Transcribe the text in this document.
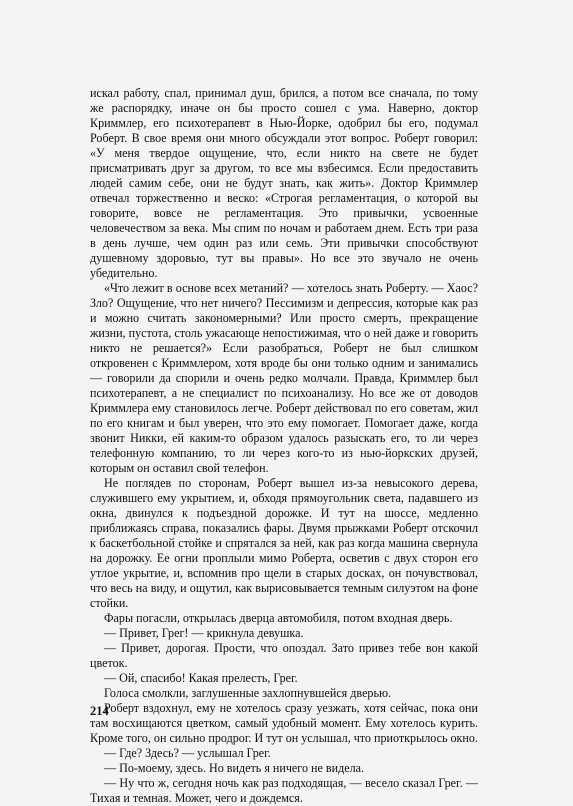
искал работу, спал, принимал душ, брился, а потом все сначала, по тому же распорядку, иначе он бы просто сошел с ума. Наверно, доктор Криммлер, его психотерапевт в Нью-Йорке, одобрил бы его, подумал Роберт. В свое время они много обсуждали этот вопрос. Роберт говорил: «У меня твердое ощущение, что, если никто на свете не будет присматривать друг за другом, то все мы взбесимся. Если предоставить людей самим себе, они не будут знать, как жить». Доктор Криммлер отвечал торжественно и веско: «Строгая регламентация, о которой вы говорите, вовсе не регламентация. Это привычки, усвоенные человечеством за века. Мы спим по ночам и работаем днем. Есть три раза в день лучше, чем один раз или семь. Эти привычки способствуют душевному здоровью, тут вы правы». Но все это звучало не очень убедительно.

«Что лежит в основе всех метаний? — хотелось знать Роберту. — Хаос? Зло? Ощущение, что нет ничего? Пессимизм и депрессия, которые как раз и можно считать закономерными? Или просто смерть, прекращение жизни, пустота, столь ужасающе непостижимая, что о ней даже и говорить никто не решается?» Если разобраться, Роберт не был слишком откровенен с Криммлером, хотя вроде бы они только одним и занимались — говорили да спорили и очень редко молчали. Правда, Криммлер был психотерапевт, а не специалист по психоанализу. Но все же от доводов Криммлера ему становилось легче. Роберт действовал по его советам, жил по его книгам и был уверен, что это ему помогает. Помогает даже, когда звонит Никки, ей каким-то образом удалось разыскать его, то ли через телефонную компанию, то ли через кого-то из нью-йоркских друзей, которым он оставил свой телефон.

Не поглядев по сторонам, Роберт вышел из-за невысокого дерева, служившего ему укрытием, и, обходя прямоугольник света, падавшего из окна, двинулся к подъездной дорожке. И тут на шоссе, медленно приближаясь справа, показались фары. Двумя прыжками Роберт отскочил к баскетбольной стойке и спрятался за ней, как раз когда машина свернула на дорожку. Ее огни проплыли мимо Роберта, осветив с двух сторон его утлое укрытие, и, вспомнив про щели в старых досках, он почувствовал, что весь на виду, и ощутил, как вырисовывается темным силуэтом на фоне стойки.

Фары погасли, открылась дверца автомобиля, потом входная дверь.

— Привет, Грег! — крикнула девушка.

— Привет, дорогая. Прости, что опоздал. Зато привез тебе вон какой цветок.

— Ой, спасибо! Какая прелесть, Грег.

Голоса смолкли, заглушенные захлопнувшейся дверью.

Роберт вздохнул, ему не хотелось сразу уезжать, хотя сейчас, пока они там восхищаются цветком, самый удобный момент. Ему хотелось курить. Кроме того, он сильно продрог. И тут он услышал, что приоткрылось окно.

— Где? Здесь? — услышал Грег.

— По-моему, здесь. Но видеть я ничего не видела.

— Ну что ж, сегодня ночь как раз подходящая, — весело сказал Грег. — Тихая и темная. Может, чего и дождемся.

214
